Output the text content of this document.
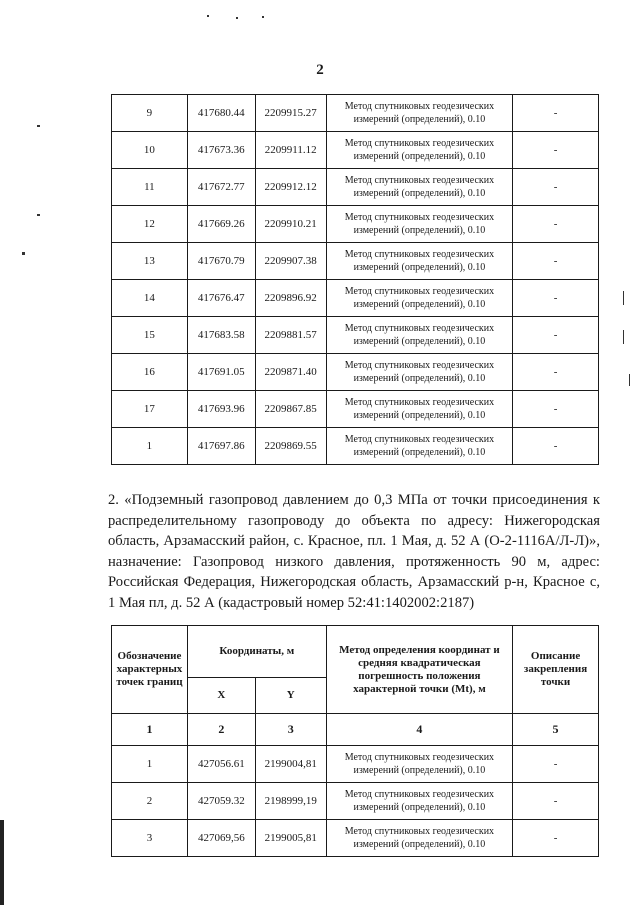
2
9	417680.44	2209915.27	Метод спутниковых геодезических измерений (определений), 0.10	-
10	417673.36	2209911.12	Метод спутниковых геодезических измерений (определений), 0.10	-
11	417672.77	2209912.12	Метод спутниковых геодезических измерений (определений), 0.10	-
12	417669.26	2209910.21	Метод спутниковых геодезических измерений (определений), 0.10	-
13	417670.79	2209907.38	Метод спутниковых геодезических измерений (определений), 0.10	-
14	417676.47	2209896.92	Метод спутниковых геодезических измерений (определений), 0.10	-
15	417683.58	2209881.57	Метод спутниковых геодезических измерений (определений), 0.10	-
16	417691.05	2209871.40	Метод спутниковых геодезических измерений (определений), 0.10	-
17	417693.96	2209867.85	Метод спутниковых геодезических измерений (определений), 0.10	-
1	417697.86	2209869.55	Метод спутниковых геодезических измерений (определений), 0.10	-
2. «Подземный газопровод давлением до 0,3 МПа от точки присоединения к распределительному газопроводу до объекта по адресу: Нижегородская область, Арзамасский район, с. Красное, пл. 1 Мая, д. 52 А (О-2-1116А/Л-Л)», назначение: Газопровод низкого давления, протяженность 90 м, адрес: Российская Федерация, Нижегородская область, Арзамасский р-н, Красное с, 1 Мая пл, д. 52 А (кадастровый номер 52:41:1402002:2187)
Обозначение характерных точек границ	Координаты, м		Метод определения координат и средняя квадратическая погрешность положения характерной точки (Mt), м	Описание закрепления точки
	X	Y		
1	2	3	4	5
1	427056.61	2199004,81	Метод спутниковых геодезических измерений (определений), 0.10	-
2	427059.32	2198999,19	Метод спутниковых геодезических измерений (определений), 0.10	-
3	427069,56	2199005,81	Метод спутниковых геодезических измерений (определений), 0.10	-
